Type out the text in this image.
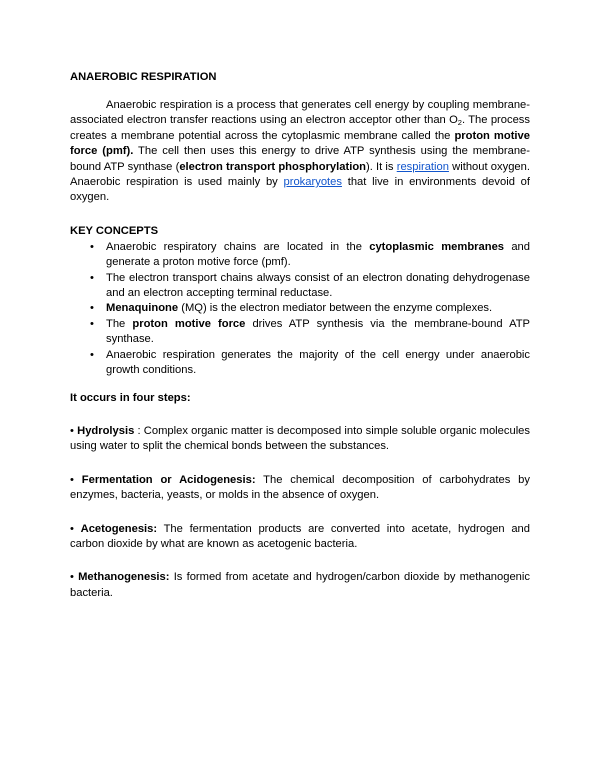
ANAEROBIC RESPIRATION

Anaerobic respiration is a process that generates cell energy by coupling membrane-associated electron transfer reactions using an electron acceptor other than $O_2$. The process creates a membrane potential across the cytoplasmic membrane called the proton motive force (pmf). The cell then uses this energy to drive ATP synthesis using the membrane-bound ATP synthase (electron transport phosphorylation). It is respiration without oxygen. Anaerobic respiration is used mainly by prokaryotes that live in environments devoid of oxygen.

KEY CONCEPTS
• Anaerobic respiratory chains are located in the cytoplasmic membranes and generate a proton motive force (pmf).
• The electron transport chains always consist of an electron donating dehydrogenase and an electron accepting terminal reductase.
• Menaquinone (MQ) is the electron mediator between the enzyme complexes.
• The proton motive force drives ATP synthesis via the membrane-bound ATP synthase.
• Anaerobic respiration generates the majority of the cell energy under anaerobic growth conditions.

It occurs in four steps:

• Hydrolysis : Complex organic matter is decomposed into simple soluble organic molecules using water to split the chemical bonds between the substances.

• Fermentation or Acidogenesis: The chemical decomposition of carbohydrates by enzymes, bacteria, yeasts, or molds in the absence of oxygen.

• Acetogenesis: The fermentation products are converted into acetate, hydrogen and carbon dioxide by what are known as acetogenic bacteria.

• Methanogenesis: Is formed from acetate and hydrogen/carbon dioxide by methanogenic bacteria.
